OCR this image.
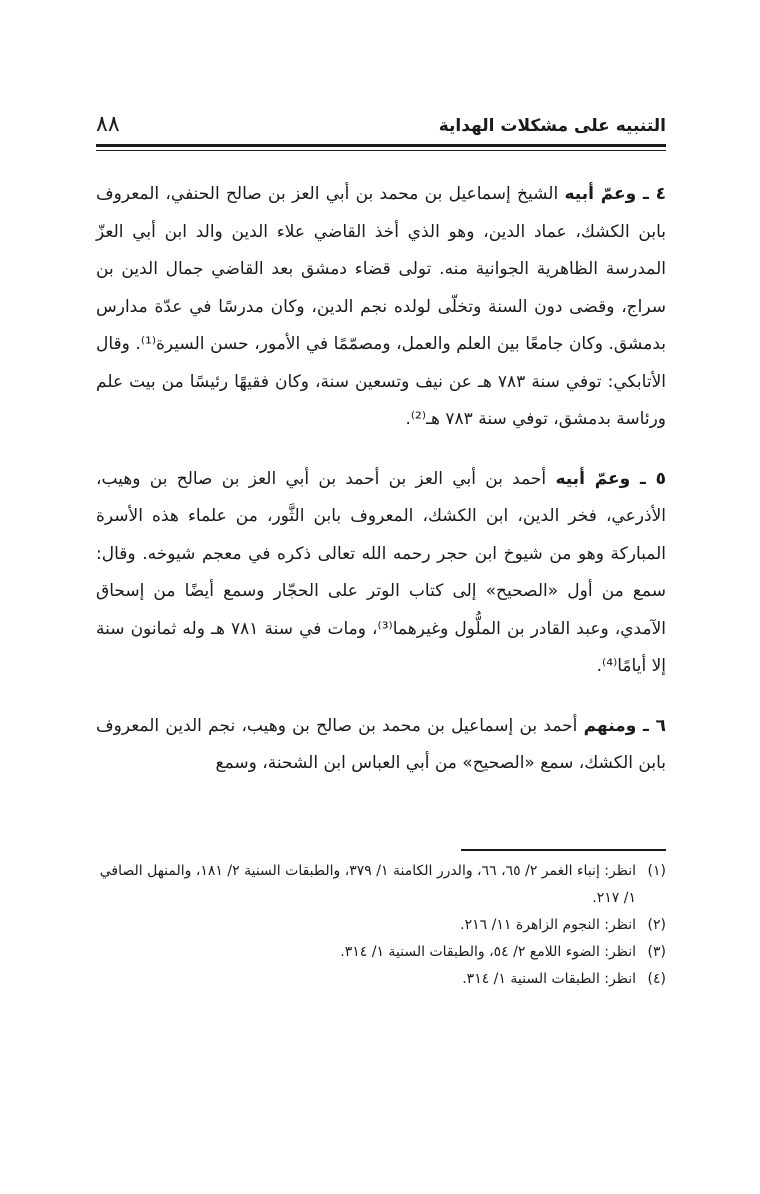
التنبيه على مشكلات الهداية
٨٨

٤ ـ وعمّ أبيه الشيخ إسماعيل بن محمد بن أبي العز بن صالح الحنفي، المعروف بابن الكشك، عماد الدين، وهو الذي أخذ القاضي علاء الدين والد ابن أبي العزّ المدرسة الظاهرية الجوانية منه. تولى قضاء دمشق بعد القاضي جمال الدين بن سراج، وقضى دون السنة وتخلّى لولده نجم الدين، وكان مدرسًا في عدّة مدارس بدمشق. وكان جامعًا بين العلم والعمل، ومصمّمًا في الأمور، حسن السيرة⁽¹⁾. وقال الأتابكي: توفي سنة ٧٨٣ هـ عن نيف وتسعين سنة، وكان فقيهًا رئيسًا من بيت علم ورئاسة بدمشق، توفي سنة ٧٨٣ هـ⁽²⁾.

٥ ـ وعمّ أبيه أحمد بن أبي العز بن أحمد بن أبي العز بن صالح بن وهيب، الأذرعي، فخر الدين، ابن الكشك، المعروف بابن الثَّور، من علماء هذه الأسرة المباركة وهو من شيوخ ابن حجر رحمه الله تعالى ذكره في معجم شيوخه. وقال: سمع من أول «الصحيح» إلى كتاب الوتر على الحجّار وسمع أيضًا من إسحاق الآمدي، وعبد القادر بن الملُّول وغيرهما⁽³⁾، ومات في سنة ٧٨١ هـ وله ثمانون سنة إلا أيامًا⁽⁴⁾.

٦ ـ ومنهم أحمد بن إسماعيل بن محمد بن صالح بن وهيب، نجم الدين المعروف بابن الكشك، سمع «الصحيح» من أبي العباس ابن الشحنة، وسمع

(١)
انظر: إنباء الغمر ٢/ ٦٥، ٦٦، والدرر الكامنة ١/ ٣٧٩، والطبقات السنية ٢/ ١٨١، والمنهل الصافي ١/ ٢١٧.
(٢)
انظر: النجوم الزاهرة ١١/ ٢١٦.
(٣)
انظر: الضوء اللامع ٢/ ٥٤، والطبقات السنية ١/ ٣١٤.
(٤)
انظر: الطبقات السنية ١/ ٣١٤.
